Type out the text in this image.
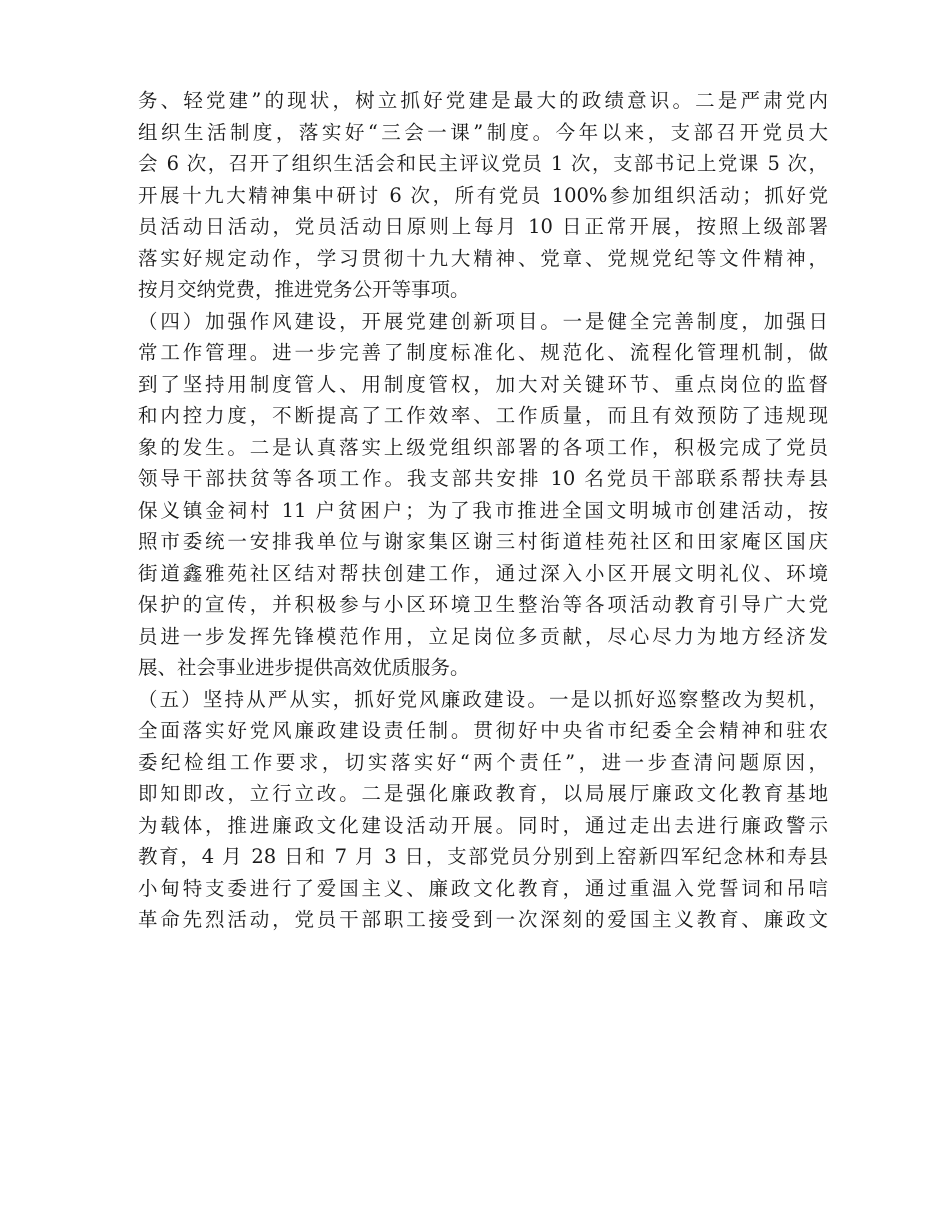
务、轻党建”的现状，树立抓好党建是最大的政绩意识。二是严肃党内
组织生活制度，落实好“三会一课”制度。今年以来，支部召开党员大
会 6 次，召开了组织生活会和民主评议党员 1 次，支部书记上党课 5 次，
开展十九大精神集中研讨 6 次，所有党员 100%参加组织活动；抓好党
员活动日活动，党员活动日原则上每月 10 日正常开展，按照上级部署
落实好规定动作，学习贯彻十九大精神、党章、党规党纪等文件精神，
按月交纳党费，推进党务公开等事项。
（四）加强作风建设，开展党建创新项目。一是健全完善制度，加强日
常工作管理。进一步完善了制度标准化、规范化、流程化管理机制，做
到了坚持用制度管人、用制度管权，加大对关键环节、重点岗位的监督
和内控力度，不断提高了工作效率、工作质量，而且有效预防了违规现
象的发生。二是认真落实上级党组织部署的各项工作，积极完成了党员
领导干部扶贫等各项工作。我支部共安排 10 名党员干部联系帮扶寿县
保义镇金祠村 11 户贫困户；为了我市推进全国文明城市创建活动，按
照市委统一安排我单位与谢家集区谢三村街道桂苑社区和田家庵区国庆
街道鑫雅苑社区结对帮扶创建工作，通过深入小区开展文明礼仪、环境
保护的宣传，并积极参与小区环境卫生整治等各项活动教育引导广大党
员进一步发挥先锋模范作用，立足岗位多贡献，尽心尽力为地方经济发
展、社会事业进步提供高效优质服务。
（五）坚持从严从实，抓好党风廉政建设。一是以抓好巡察整改为契机，
全面落实好党风廉政建设责任制。贯彻好中央省市纪委全会精神和驻农
委纪检组工作要求，切实落实好“两个责任”，进一步查清问题原因，
即知即改，立行立改。二是强化廉政教育，以局展厅廉政文化教育基地
为载体，推进廉政文化建设活动开展。同时，通过走出去进行廉政警示
教育，4 月 28 日和 7 月 3 日，支部党员分别到上窑新四军纪念林和寿县
小甸特支委进行了爱国主义、廉政文化教育，通过重温入党誓词和吊唁
革命先烈活动，党员干部职工接受到一次深刻的爱国主义教育、廉政文
